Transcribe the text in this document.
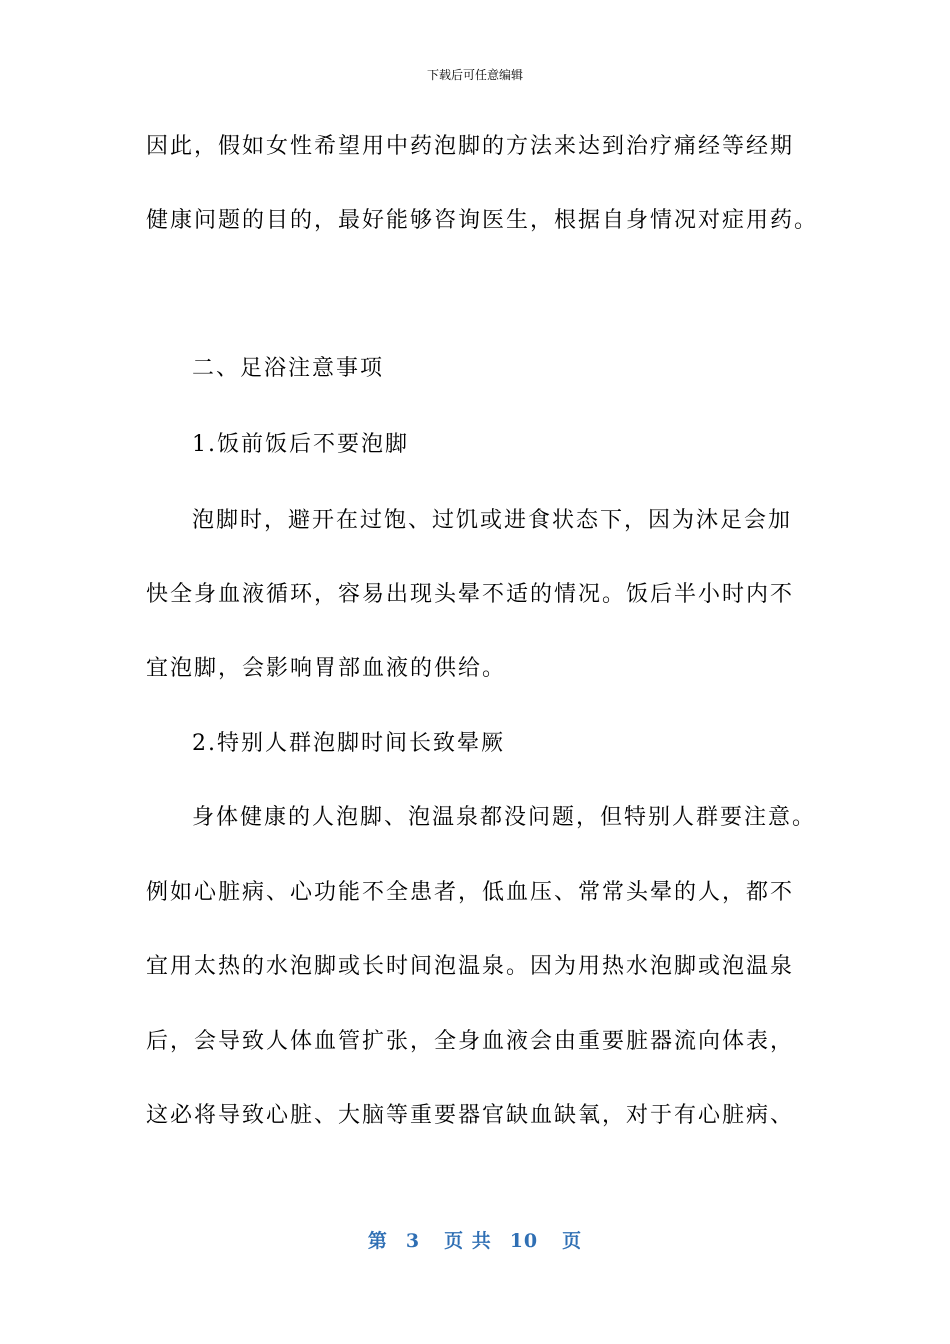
下载后可任意编辑
因此，假如女性希望用中药泡脚的方法来达到治疗痛经等经期
健康问题的目的，最好能够咨询医生，根据自身情况对症用药。
二、足浴注意事项
1.饭前饭后不要泡脚
泡脚时，避开在过饱、过饥或进食状态下，因为沐足会加
快全身血液循环，容易出现头晕不适的情况。饭后半小时内不
宜泡脚，会影响胃部血液的供给。
2.特别人群泡脚时间长致晕厥
身体健康的人泡脚、泡温泉都没问题，但特别人群要注意。
例如心脏病、心功能不全患者，低血压、常常头晕的人，都不
宜用太热的水泡脚或长时间泡温泉。因为用热水泡脚或泡温泉
后，会导致人体血管扩张，全身血液会由重要脏器流向体表，
这必将导致心脏、大脑等重要器官缺血缺氧，对于有心脏病、
第 3 页 共 10 页
